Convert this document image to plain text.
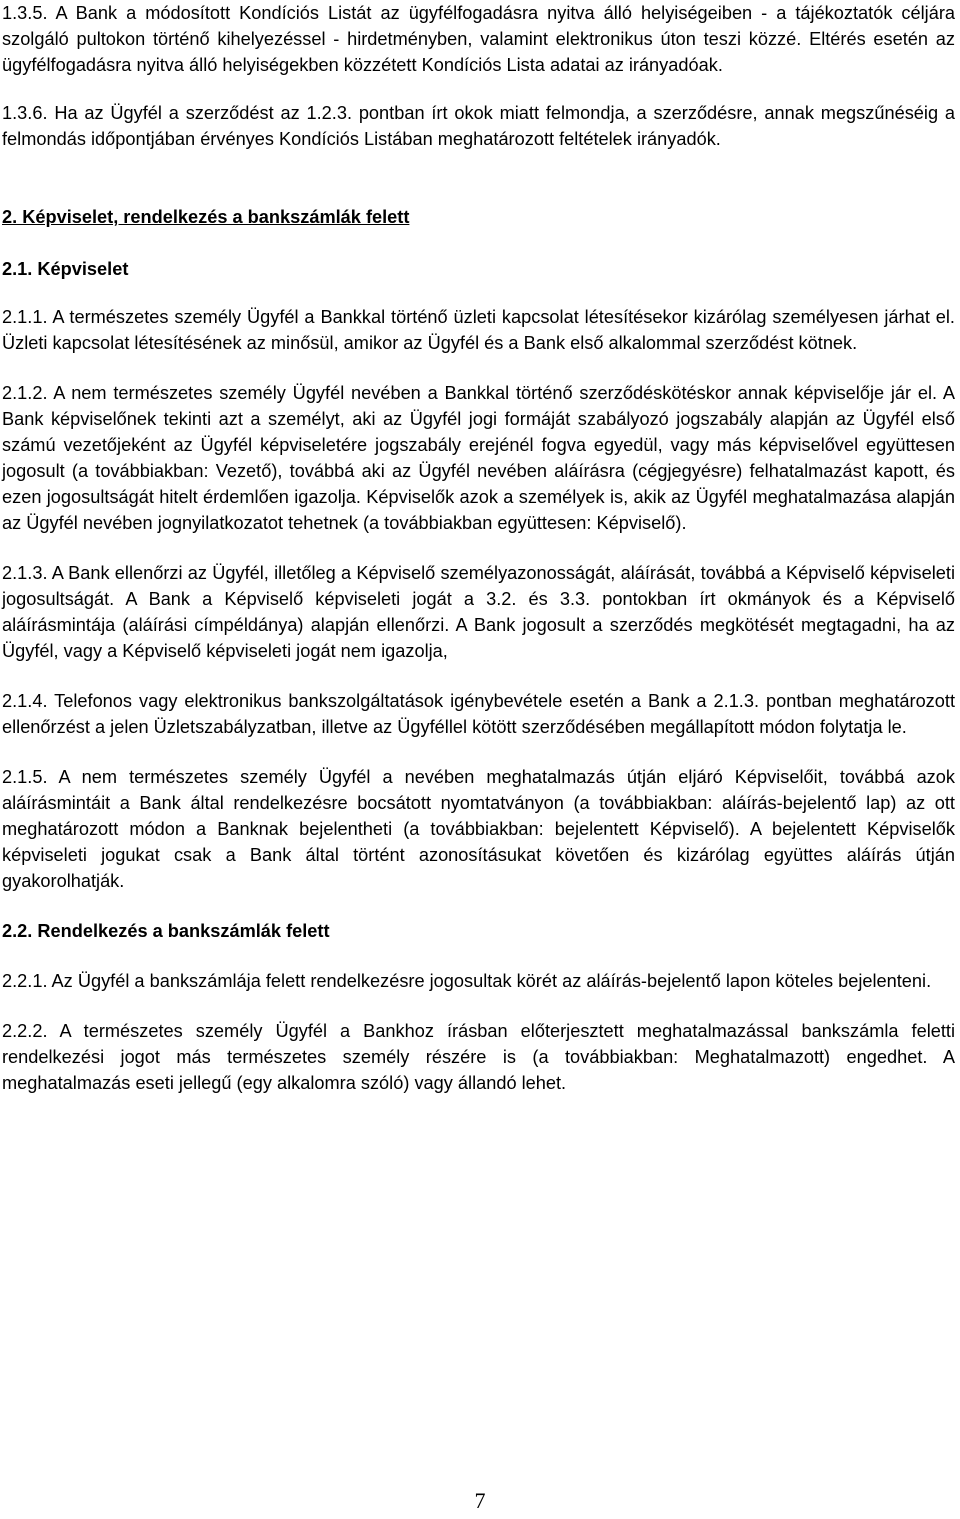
1.3.5. A Bank a módosított Kondíciós Listát az ügyfélfogadásra nyitva álló helyiségeiben - a tájékoztatók céljára szolgáló pultokon történő kihelyezéssel - hirdetményben, valamint elektronikus úton teszi közzé. Eltérés esetén az ügyfélfogadásra nyitva álló helyiségekben közzétett Kondíciós Lista adatai az irányadóak.

1.3.6. Ha az Ügyfél a szerződést az 1.2.3. pontban írt okok miatt felmondja, a szerződésre, annak megszűnéséig a felmondás időpontjában érvényes Kondíciós Listában meghatározott feltételek irányadók.

2. Képviselet, rendelkezés a bankszámlák felett

2.1. Képviselet

2.1.1. A természetes személy Ügyfél a Bankkal történő üzleti kapcsolat létesítésekor kizárólag személyesen járhat el. Üzleti kapcsolat létesítésének az minősül, amikor az Ügyfél és a Bank első alkalommal szerződést kötnek.

2.1.2. A nem természetes személy Ügyfél nevében a Bankkal történő szerződéskötéskor annak képviselője jár el. A Bank képviselőnek tekinti azt a személyt, aki az Ügyfél jogi formáját szabályozó jogszabály alapján az Ügyfél első számú vezetőjeként az Ügyfél képviseletére jogszabály erejénél fogva egyedül, vagy más képviselővel együttesen jogosult (a továbbiakban: Vezető), továbbá aki az Ügyfél nevében aláírásra (cégjegyésre) felhatalmazást kapott, és ezen jogosultságát hitelt érdemlően igazolja. Képviselők azok a személyek is, akik az Ügyfél meghatalmazása alapján az Ügyfél nevében jognyilatkozatot tehetnek (a továbbiakban együttesen: Képviselő).

2.1.3. A Bank ellenőrzi az Ügyfél, illetőleg a Képviselő személyazonosságát, aláírását, továbbá a Képviselő képviseleti jogosultságát. A Bank a Képviselő képviseleti jogát a 3.2. és 3.3. pontokban írt okmányok és a Képviselő aláírásmintája (aláírási címpéldánya) alapján ellenőrzi. A Bank jogosult a szerződés megkötését megtagadni, ha az Ügyfél, vagy a Képviselő képviseleti jogát nem igazolja,

2.1.4. Telefonos vagy elektronikus bankszolgáltatások igénybevétele esetén a Bank a 2.1.3. pontban meghatározott ellenőrzést a jelen Üzletszabályzatban, illetve az Ügyféllel kötött szerződésében megállapított módon folytatja le.

2.1.5. A nem természetes személy Ügyfél a nevében meghatalmazás útján eljáró Képviselőit, továbbá azok aláírásmintáit a Bank által rendelkezésre bocsátott nyomtatványon (a továbbiakban: aláírás-bejelentő lap) az ott meghatározott módon a Banknak bejelentheti (a továbbiakban: bejelentett Képviselő). A bejelentett Képviselők képviseleti jogukat csak a Bank által történt azonosításukat követően és kizárólag együttes aláírás útján gyakorolhatják.

2.2. Rendelkezés a bankszámlák felett

2.2.1. Az Ügyfél a bankszámlája felett rendelkezésre jogosultak körét az aláírás-bejelentő lapon köteles bejelenteni.

2.2.2. A természetes személy Ügyfél a Bankhoz írásban előterjesztett meghatalmazással bankszámla feletti rendelkezési jogot más természetes személy részére is (a továbbiakban: Meghatalmazott) engedhet. A meghatalmazás eseti jellegű (egy alkalomra szóló) vagy állandó lehet.

7
